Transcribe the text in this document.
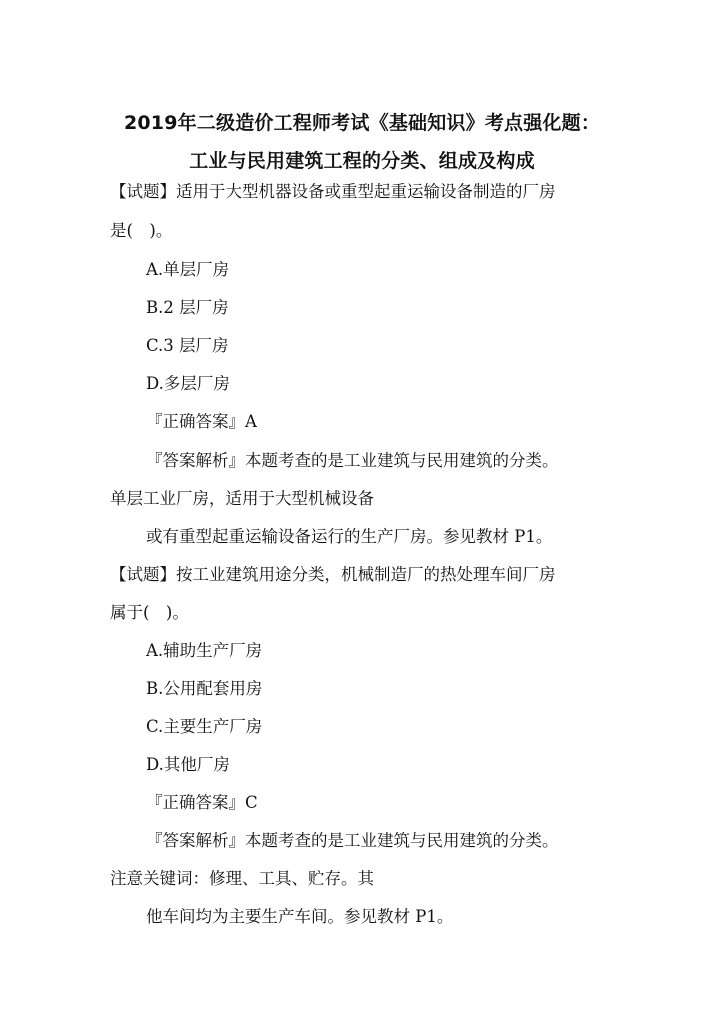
2019年二级造价工程师考试《基础知识》考点强化题：
工业与民用建筑工程的分类、组成及构成
【试题】适用于大型机器设备或重型起重运输设备制造的厂房
是(　)。
A.单层厂房
B.2 层厂房
C.3 层厂房
D.多层厂房
『正确答案』A
『答案解析』本题考查的是工业建筑与民用建筑的分类。
单层工业厂房，适用于大型机械设备
或有重型起重运输设备运行的生产厂房。参见教材 P1。
【试题】按工业建筑用途分类，机械制造厂的热处理车间厂房
属于(　)。
A.辅助生产厂房
B.公用配套用房
C.主要生产厂房
D.其他厂房
『正确答案』C
『答案解析』本题考查的是工业建筑与民用建筑的分类。
注意关键词：修理、工具、贮存。其
他车间均为主要生产车间。参见教材 P1。
